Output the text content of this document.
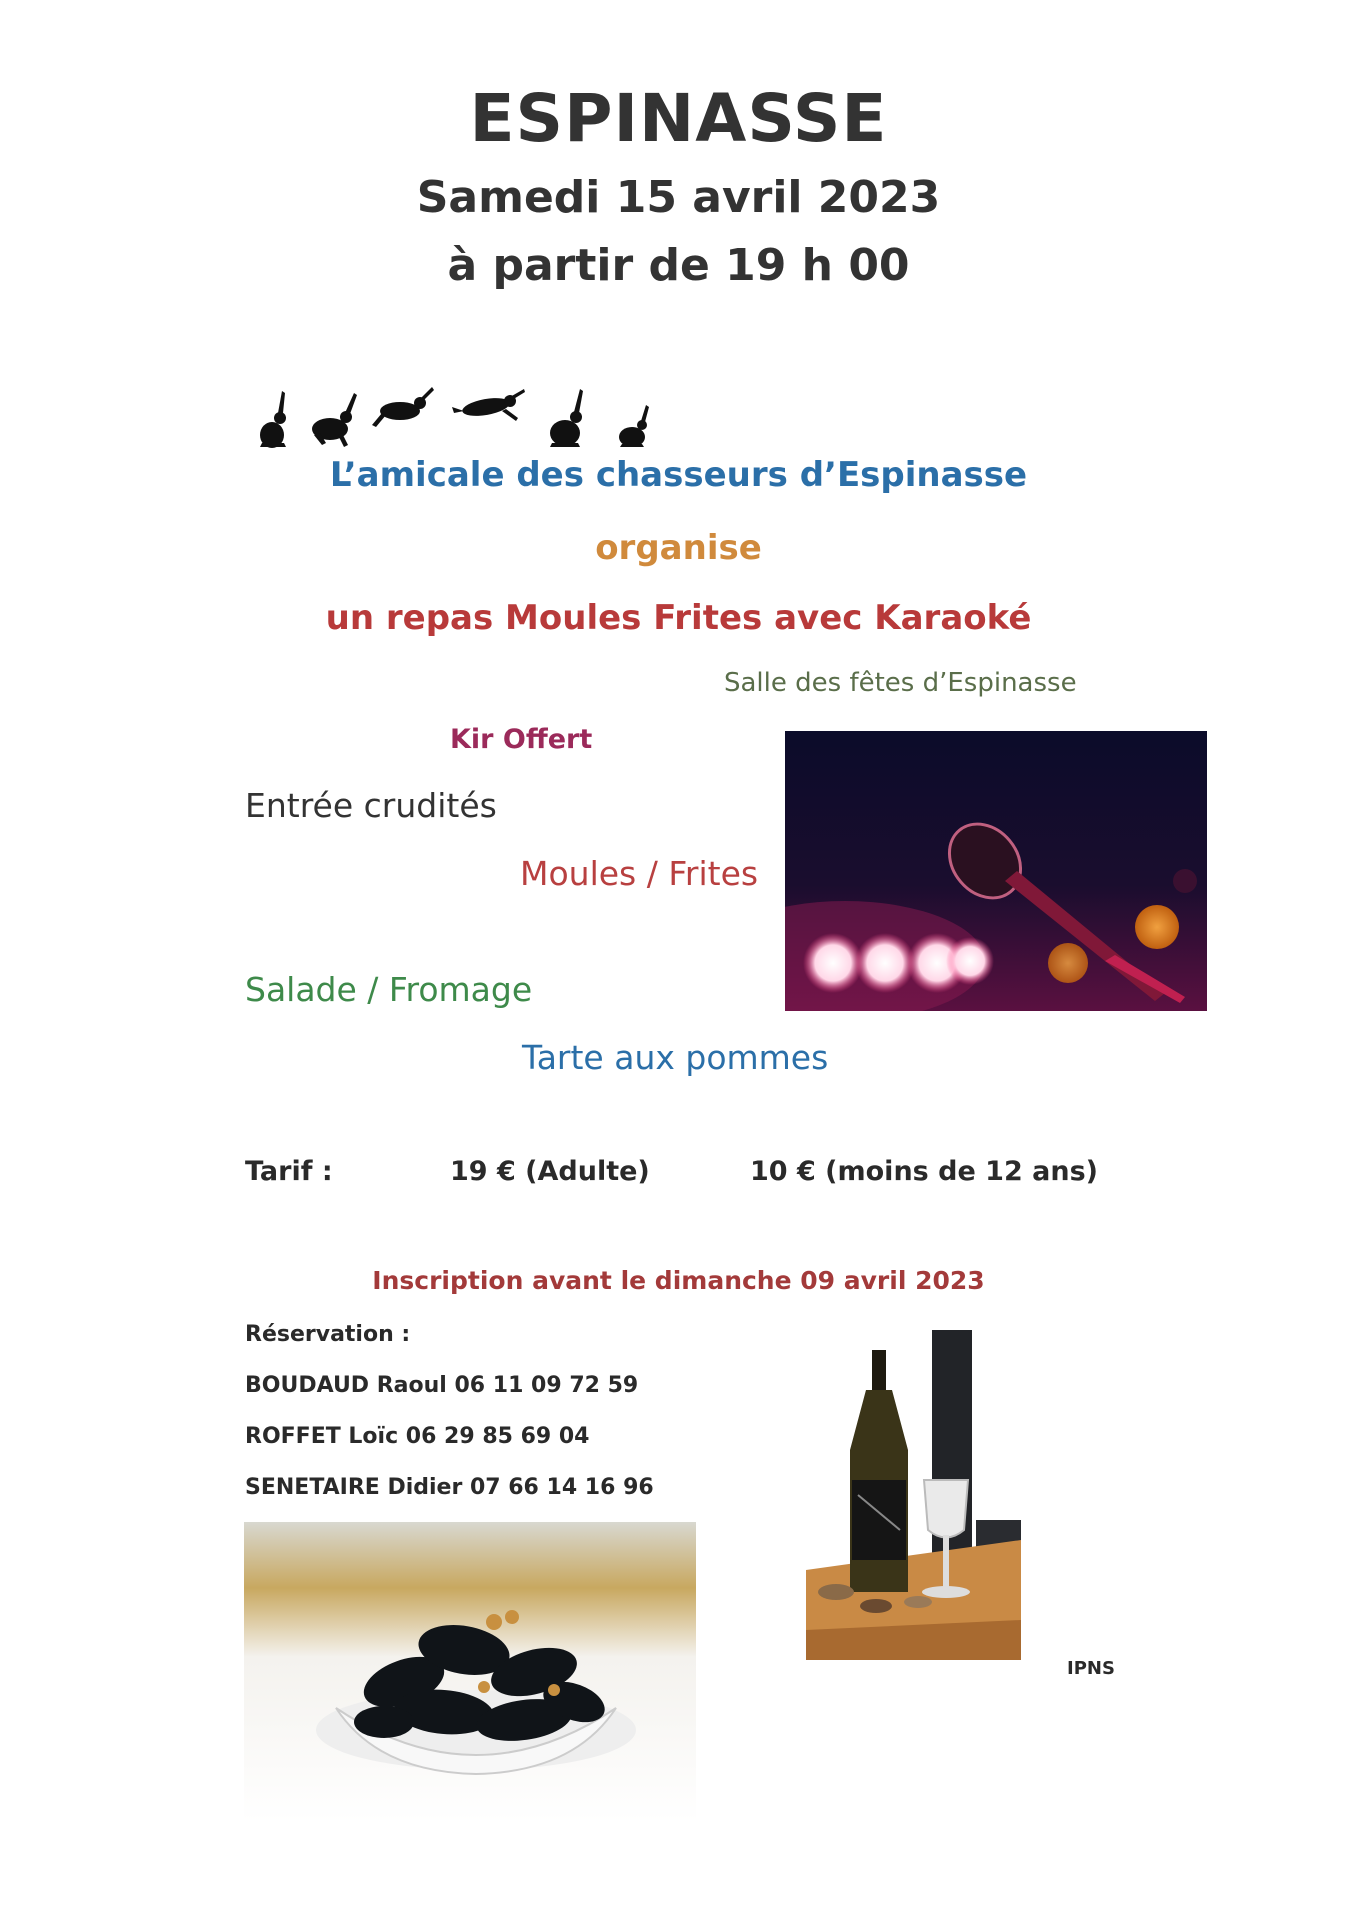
ESPINASSE
Samedi 15 avril 2023
à partir de 19 h 00
L’amicale des chasseurs d’Espinasse
organise
un repas Moules Frites avec Karaoké
Salle des fêtes d’Espinasse
Kir Offert
Entrée crudités
Moules / Frites
Salade / Fromage
Tarte aux pommes
Tarif :	19 € (Adulte)	10 € (moins de 12 ans)
Inscription avant le dimanche 09 avril 2023
Réservation :
BOUDAUD Raoul 06 11 09 72 59
ROFFET Loïc 06 29 85 69 04
SENETAIRE Didier 07 66 14 16 96
IPNS
